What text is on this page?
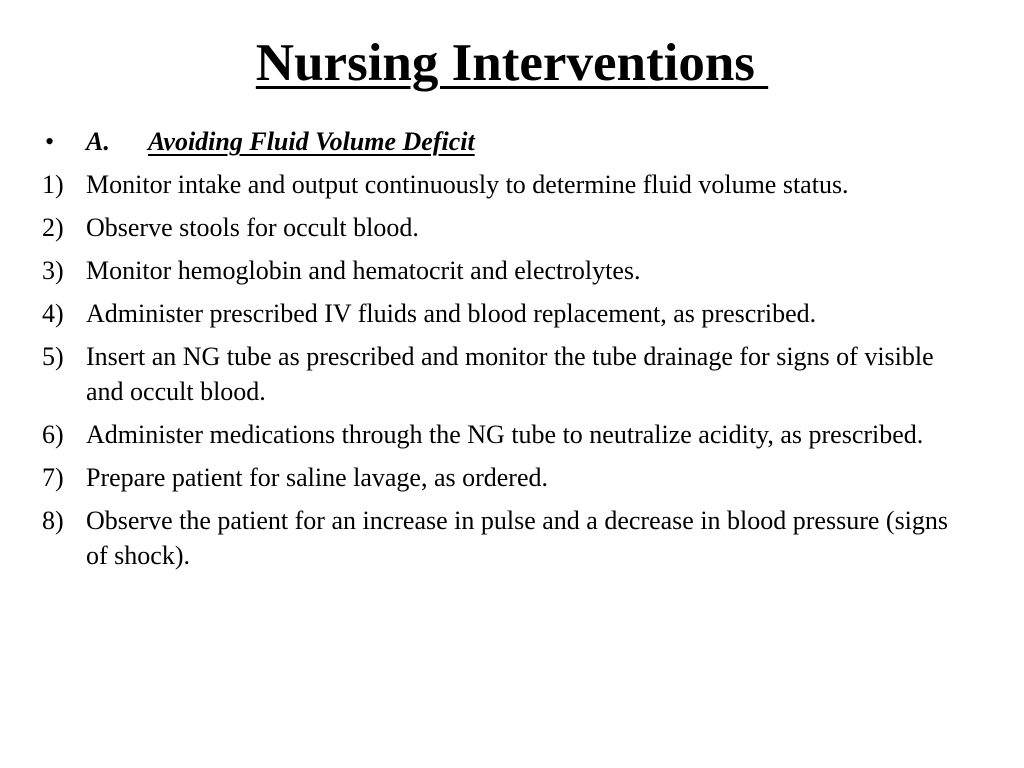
Nursing Interventions
•	A. Avoiding Fluid Volume Deficit
1) Monitor intake and output continuously to determine fluid volume status.
2) Observe stools for occult blood.
3) Monitor hemoglobin and hematocrit and electrolytes.
4) Administer prescribed IV fluids and blood replacement, as prescribed.
5) Insert an NG tube as prescribed and monitor the tube drainage for signs of visible and occult blood.
6) Administer medications through the NG tube to neutralize acidity, as prescribed.
7) Prepare patient for saline lavage, as ordered.
8) Observe the patient for an increase in pulse and a decrease in blood pressure (signs of shock).
